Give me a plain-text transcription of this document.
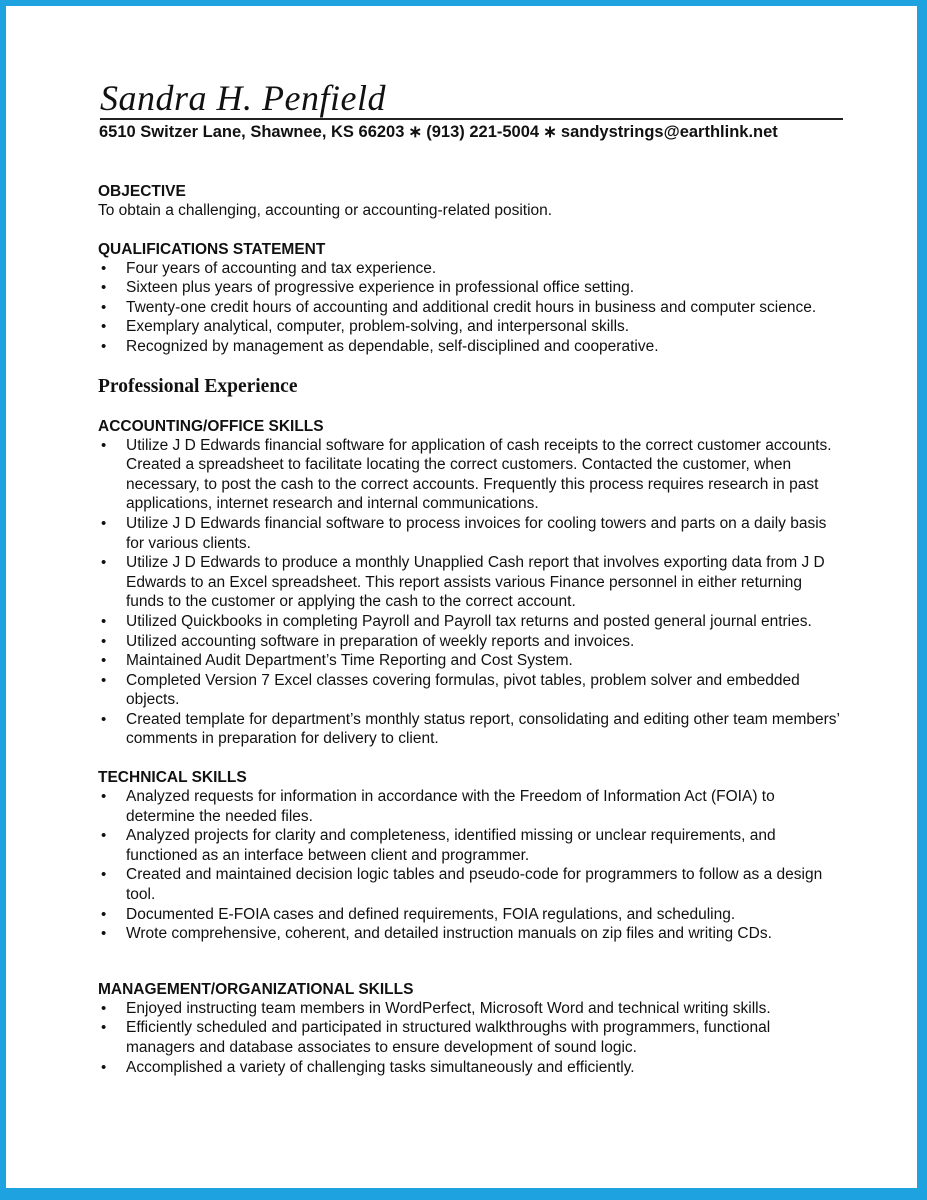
Sandra H. Penfield
6510 Switzer Lane, Shawnee, KS 66203 ∗ (913) 221-5004 ∗ sandystrings@earthlink.net
OBJECTIVE
To obtain a challenging, accounting or accounting-related position.
QUALIFICATIONS STATEMENT
• Four years of accounting and tax experience.
• Sixteen plus years of progressive experience in professional office setting.
• Twenty-one credit hours of accounting and additional credit hours in business and computer science.
• Exemplary analytical, computer, problem-solving, and interpersonal skills.
• Recognized by management as dependable, self-disciplined and cooperative.
Professional Experience
ACCOUNTING/OFFICE SKILLS
• Utilize J D Edwards financial software for application of cash receipts to the correct customer accounts. Created a spreadsheet to facilitate locating the correct customers. Contacted the customer, when necessary, to post the cash to the correct accounts. Frequently this process requires research in past applications, internet research and internal communications.
• Utilize J D Edwards financial software to process invoices for cooling towers and parts on a daily basis for various clients.
• Utilize J D Edwards to produce a monthly Unapplied Cash report that involves exporting data from J D Edwards to an Excel spreadsheet. This report assists various Finance personnel in either returning funds to the customer or applying the cash to the correct account.
• Utilized Quickbooks in completing Payroll and Payroll tax returns and posted general journal entries.
• Utilized accounting software in preparation of weekly reports and invoices.
• Maintained Audit Department’s Time Reporting and Cost System.
• Completed Version 7 Excel classes covering formulas, pivot tables, problem solver and embedded objects.
• Created template for department’s monthly status report, consolidating and editing other team members’ comments in preparation for delivery to client.
TECHNICAL SKILLS
• Analyzed requests for information in accordance with the Freedom of Information Act (FOIA) to determine the needed files.
• Analyzed projects for clarity and completeness, identified missing or unclear requirements, and functioned as an interface between client and programmer.
• Created and maintained decision logic tables and pseudo-code for programmers to follow as a design tool.
• Documented E-FOIA cases and defined requirements, FOIA regulations, and scheduling.
• Wrote comprehensive, coherent, and detailed instruction manuals on zip files and writing CDs.
MANAGEMENT/ORGANIZATIONAL SKILLS
• Enjoyed instructing team members in WordPerfect, Microsoft Word and technical writing skills.
• Efficiently scheduled and participated in structured walkthroughs with programmers, functional managers and database associates to ensure development of sound logic.
• Accomplished a variety of challenging tasks simultaneously and efficiently.
